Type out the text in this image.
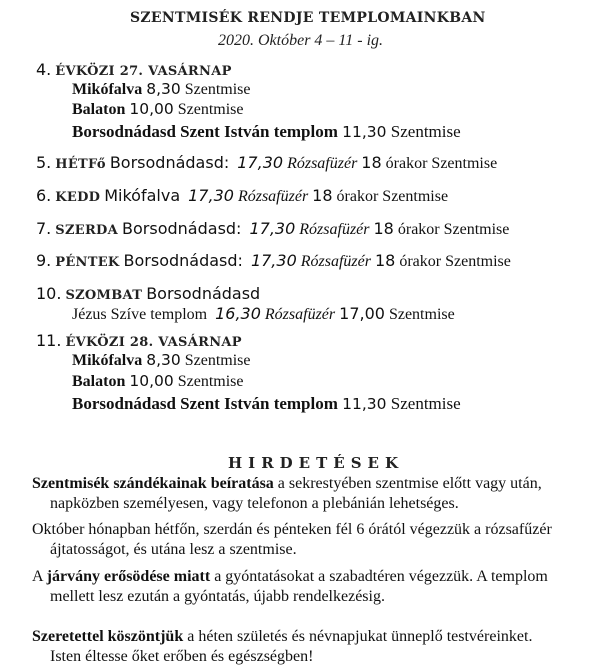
SZENTMISÉK RENDJE TEMPLOMAINKBAN
2020. Október 4 – 11 - ig.
4. ÉVKÖZI 27. VASÁRNAP
Mikófalva 8,30 Szentmise
Balaton 10,00 Szentmise
Borsodnádasd Szent István templom 11,30 Szentmise
5. HÉTFő Borsodnádasd: 17,30 Rózsafüzér 18 órakor Szentmise
6. KEDD Mikófalva 17,30 Rózsafüzér 18 órakor Szentmise
7. SZERDA Borsodnádasd: 17,30 Rózsafüzér 18 órakor Szentmise
9. PÉNTEK Borsodnádasd: 17,30 Rózsafüzér 18 órakor Szentmise
10. SZOMBAT Borsodnádasd
Jézus Szíve templom 16,30 Rózsafüzér 17,00 Szentmise
11. ÉVKÖZI 28. VASÁRNAP
Mikófalva 8,30 Szentmise
Balaton 10,00 Szentmise
Borsodnádasd Szent István templom 11,30 Szentmise
HIRDETÉSEK
Szentmisék szándékainak beíratása a sekrestyében szentmise előtt vagy után,
napközben személyesen, vagy telefonon a plebánián lehetséges.
Október hónapban hétfőn, szerdán és pénteken fél 6 órától végezzük a rózsafűzér
ájtatosságot, és utána lesz a szentmise.
A járvány erősödése miatt a gyóntatásokat a szabadtéren végezzük. A templom
mellett lesz ezután a gyóntatás, újabb rendelkezésig.
Szeretettel köszöntjük a héten születés és névnapjukat ünneplő testvéreinket.
Isten éltesse őket erőben és egészségben!
